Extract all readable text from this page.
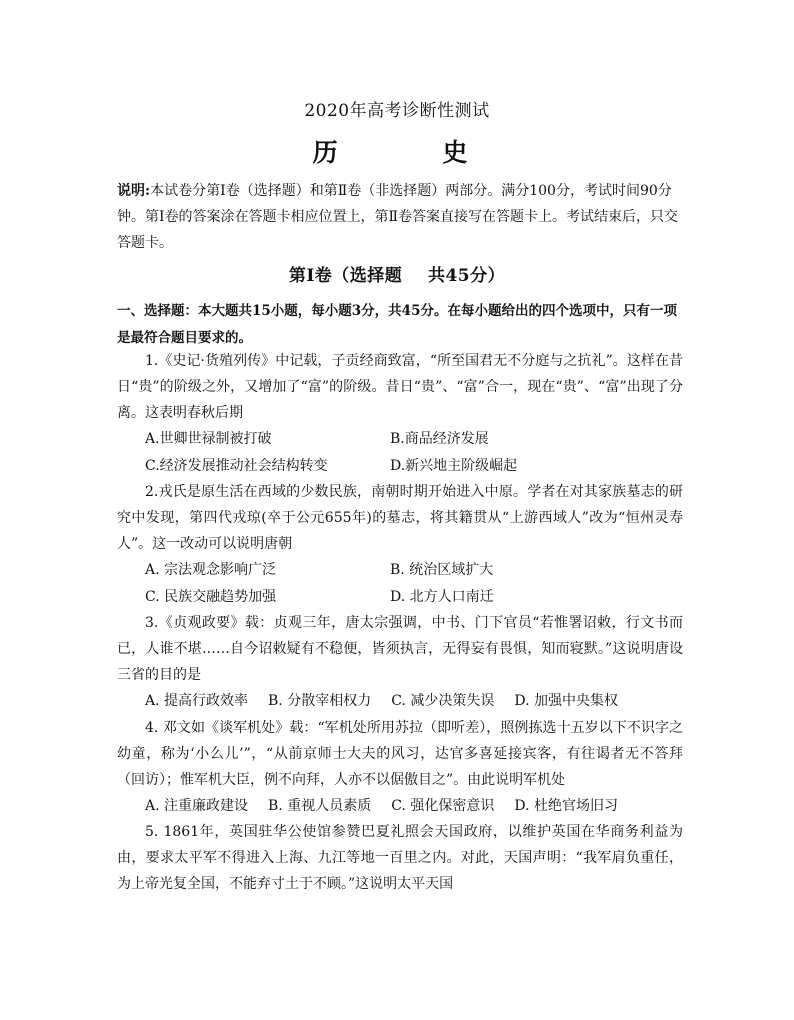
2020年高考诊断性测试
历    史
说明:本试卷分第Ⅰ卷（选择题）和第Ⅱ卷（非选择题）两部分。满分100分，考试时间90分钟。第Ⅰ卷的答案涂在答题卡相应位置上，第Ⅱ卷答案直接写在答题卡上。考试结束后，只交答题卡。
第Ⅰ卷（选择题    共45分）
一、选择题：本大题共15小题，每小题3分，共45分。在每小题给出的四个选项中，只有一项是最符合题目要求的。

1.《史记·货殖列传》中记载，子贡经商致富，“所至国君无不分庭与之抗礼”。这样在昔日“贵”的阶级之外，又增加了“富”的阶级。昔日“贵”、“富”合一，现在“贵”、“富”出现了分离。这表明春秋后期

A.世卿世禄制被打破	B.商品经济发展
C.经济发展推动社会结构转变	D.新兴地主阶级崛起

2.戎氏是原生活在西域的少数民族，南朝时期开始进入中原。学者在对其家族墓志的研究中发现，第四代戎琼(卒于公元655年)的墓志，将其籍贯从“上游西域人”改为“恒州灵寿人”。这一改动可以说明唐朝

A. 宗法观念影响广泛	B. 统治区域扩大
C. 民族交融趋势加强	D. 北方人口南迁

3.《贞观政要》载：贞观三年，唐太宗强调，中书、门下官员“若惟署诏敕，行文书而已，人谁不堪……自今诏敕疑有不稳便，皆须执言，无得妄有畏惧，知而寝默。”这说明唐设三省的目的是

A. 提高行政效率 B. 分散宰相权力 C. 减少决策失误 D. 加强中央集权

4. 邓文如《谈军机处》载：“军机处所用苏拉（即听差），照例拣选十五岁以下不识字之幼童，称为‘小么儿’”，“从前京师士大夫的风习，达官多喜延接宾客，有往谒者无不答拜（回访）；惟军机大臣，例不向拜，人亦不以倨傲目之”。由此说明军机处

A. 注重廉政建设 B. 重视人员素质 C. 强化保密意识 D. 杜绝官场旧习

5. 1861年，英国驻华公使馆参赞巴夏礼照会天国政府，以维护英国在华商务利益为由，要求太平军不得进入上海、九江等地一百里之内。对此，天国声明：“我军肩负重任，为上帝光复全国，不能弃寸土于不顾。”这说明太平天国
